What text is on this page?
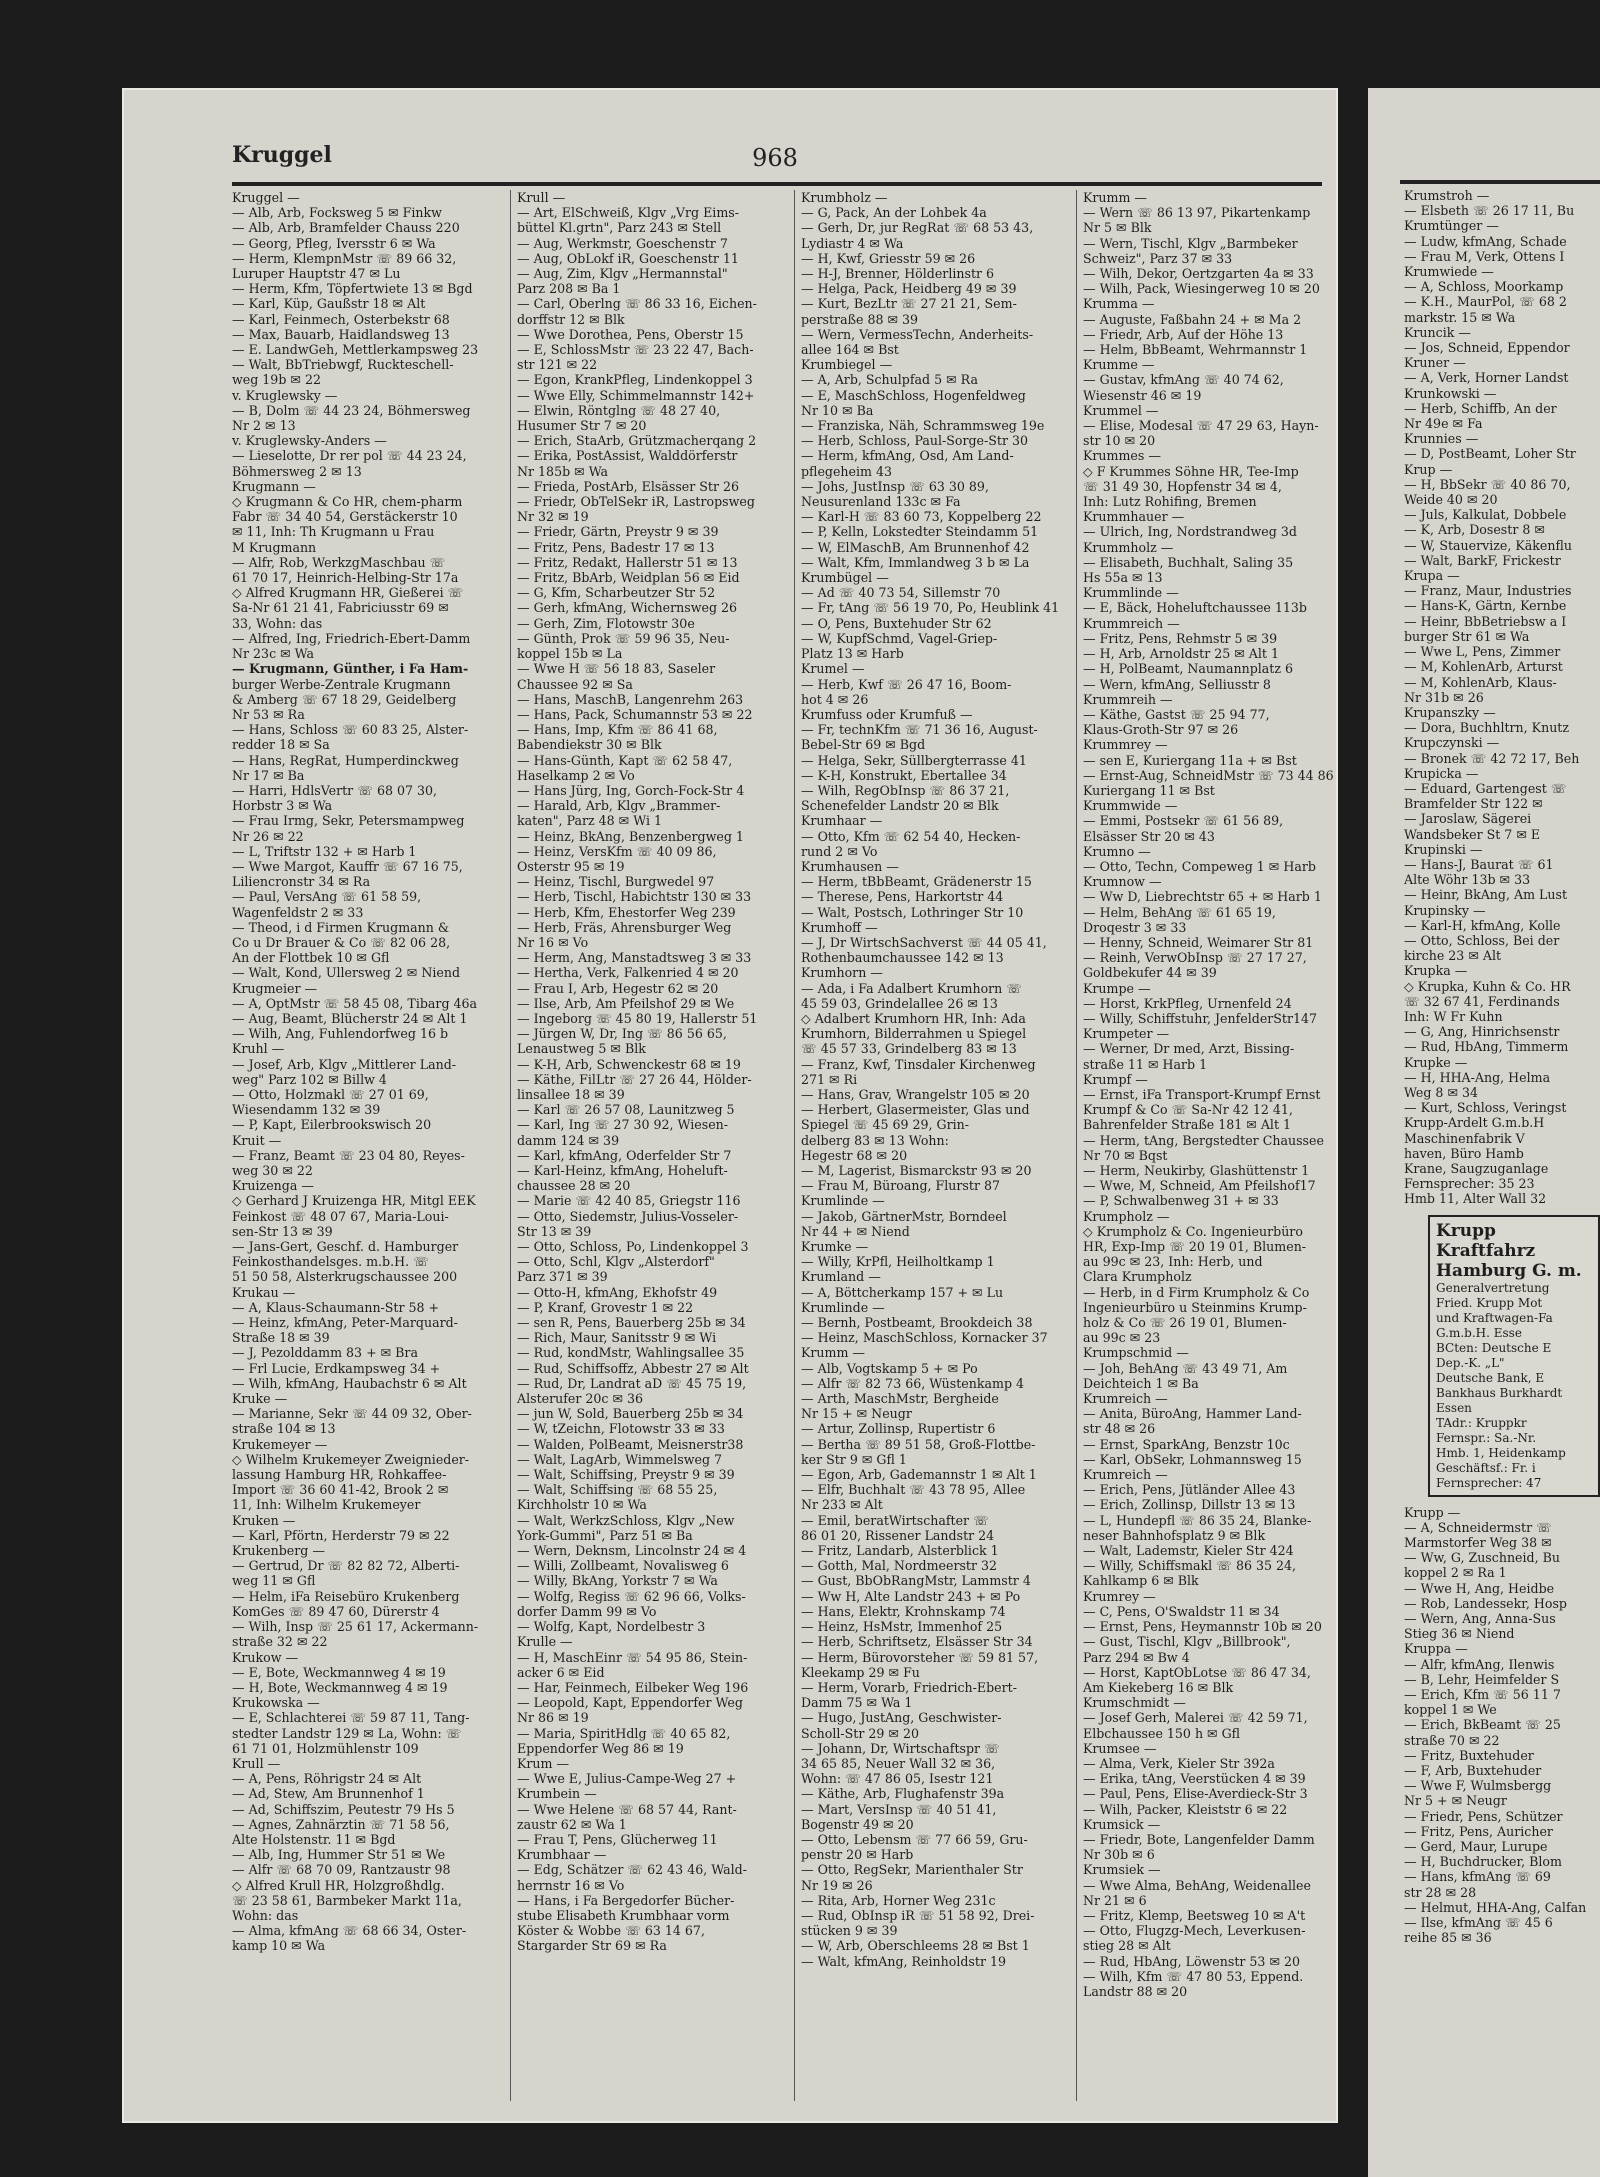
Kruggel	968
Kruggel —
— Alb, Arb, Focksweg 5 ✉ Finkw
— Alb, Arb, Bramfelder Chauss 220
— Georg, Pfleg, Iversstr 6 ✉ Wa
— Herm, KlempnMstr ☏ 89 66 32,
Luruper Hauptstr 47 ✉ Lu
— Herm, Kfm, Töpfertwiete 13 ✉ Bgd
— Karl, Küp, Gaußstr 18 ✉ Alt
— Karl, Feinmech, Osterbekstr 68
— Max, Bauarb, Haidlandsweg 13
— E. LandwGeh, Mettlerkampsweg 23
— Walt, BbTriebwgf, Ruckteschell-
weg 19b ✉ 22
v. Kruglewsky —
— B, Dolm ☏ 44 23 24, Böhmersweg
Nr 2 ✉ 13
v. Kruglewsky-Anders —
— Lieselotte, Dr rer pol ☏ 44 23 24,
Böhmersweg 2 ✉ 13
Krugmann —
◇ Krugmann & Co HR, chem-pharm
Fabr ☏ 34 40 54, Gerstäckerstr 10
✉ 11, Inh: Th Krugmann u Frau
M Krugmann
— Alfr, Rob, WerkzgMaschbau ☏
61 70 17, Heinrich-Helbing-Str 17a
◇ Alfred Krugmann HR, Gießerei ☏
Sa-Nr 61 21 41, Fabriciusstr 69 ✉
33, Wohn: das
— Alfred, Ing, Friedrich-Ebert-Damm
Nr 23c ✉ Wa
— Krugmann, Günther, i Fa Ham-
burger Werbe-Zentrale Krugmann
& Amberg ☏ 67 18 29, Geidelberg
Nr 53 ✉ Ra
— Hans, Schloss ☏ 60 83 25, Alster-
redder 18 ✉ Sa
— Hans, RegRat, Humperdinckweg
Nr 17 ✉ Ba
— Harri, HdlsVertr ☏ 68 07 30,
Horbstr 3 ✉ Wa
— Frau Irmg, Sekr, Petersmampweg
Nr 26 ✉ 22
— L, Triftstr 132 + ✉ Harb 1
— Wwe Margot, Kauffr ☏ 67 16 75,
Liliencronstr 34 ✉ Ra
— Paul, VersAng ☏ 61 58 59,
Wagenfeldstr 2 ✉ 33
— Theod, i d Firmen Krugmann &
Co u Dr Brauer & Co ☏ 82 06 28,
An der Flottbek 10 ✉ Gfl
— Walt, Kond, Ullersweg 2 ✉ Niend
Krugmeier —
— A, OptMstr ☏ 58 45 08, Tibarg 46a
— Aug, Beamt, Blücherstr 24 ✉ Alt 1
— Wilh, Ang, Fuhlendorfweg 16 b
Kruhl —
— Josef, Arb, Klgv „Mittlerer Land-
weg" Parz 102 ✉ Billw 4
— Otto, Holzmakl ☏ 27 01 69,
Wiesendamm 132 ✉ 39
— P, Kapt, Eilerbrookswisch 20
Kruit —
— Franz, Beamt ☏ 23 04 80, Reyes-
weg 30 ✉ 22
Kruizenga —
◇ Gerhard J Kruizenga HR, Mitgl EEK
Feinkost ☏ 48 07 67, Maria-Loui-
sen-Str 13 ✉ 39
— Jans-Gert, Geschf. d. Hamburger
Feinkosthandelsges. m.b.H. ☏
51 50 58, Alsterkrugschaussee 200
Krukau —
— A, Klaus-Schaumann-Str 58 +
— Heinz, kfmAng, Peter-Marquard-
Straße 18 ✉ 39
— J, Pezolddamm 83 + ✉ Bra
— Frl Lucie, Erdkampsweg 34 +
— Wilh, kfmAng, Haubachstr 6 ✉ Alt
Kruke —
— Marianne, Sekr ☏ 44 09 32, Ober-
straße 104 ✉ 13
Krukemeyer —
◇ Wilhelm Krukemeyer Zweignieder-
lassung Hamburg HR, Rohkaffee-
Import ☏ 36 60 41-42, Brook 2 ✉
11, Inh: Wilhelm Krukemeyer
Kruken —
— Karl, Pförtn, Herderstr 79 ✉ 22
Krukenberg —
— Gertrud, Dr ☏ 82 82 72, Alberti-
weg 11 ✉ Gfl
— Helm, iFa Reisebüro Krukenberg
KomGes ☏ 89 47 60, Dürerstr 4
— Wilh, Insp ☏ 25 61 17, Ackermann-
straße 32 ✉ 22
Krukow —
— E, Bote, Weckmannweg 4 ✉ 19
— H, Bote, Weckmannweg 4 ✉ 19
Krukowska —
— E, Schlachterei ☏ 59 87 11, Tang-
stedter Landstr 129 ✉ La, Wohn: ☏
61 71 01, Holzmühlenstr 109
Krull —
— A, Pens, Röhrigstr 24 ✉ Alt
— Ad, Stew, Am Brunnenhof 1
— Ad, Schiffszim, Peutestr 79 Hs 5
— Agnes, Zahnärztin ☏ 71 58 56,
Alte Holstenstr. 11 ✉ Bgd
— Alb, Ing, Hummer Str 51 ✉ We
— Alfr ☏ 68 70 09, Rantzaustr 98
◇ Alfred Krull HR, Holzgroßhdlg.
☏ 23 58 61, Barmbeker Markt 11a,
Wohn: das
— Alma, kfmAng ☏ 68 66 34, Oster-
kamp 10 ✉ Wa
Krull —
— Art, ElSchweiß, Klgv „Vrg Eims-
büttel Kl.grtn", Parz 243 ✉ Stell
— Aug, Werkmstr, Goeschenstr 7
— Aug, ObLokf iR, Goeschenstr 11
— Aug, Zim, Klgv „Hermannstal"
Parz 208 ✉ Ba 1
— Carl, Oberlng ☏ 86 33 16, Eichen-
dorffstr 12 ✉ Blk
— Wwe Dorothea, Pens, Oberstr 15
— E, SchlossMstr ☏ 23 22 47, Bach-
str 121 ✉ 22
— Egon, KrankPfleg, Lindenkoppel 3
— Wwe Elly, Schimmelmannstr 142+
— Elwin, Röntglng ☏ 48 27 40,
Husumer Str 7 ✉ 20
— Erich, StaArb, Grützmacherqang 2
— Erika, PostAssist, Walddörferstr
Nr 185b ✉ Wa
— Frieda, PostArb, Elsässer Str 26
— Friedr, ObTelSekr iR, Lastropsweg
Nr 32 ✉ 19
— Friedr, Gärtn, Preystr 9 ✉ 39
— Fritz, Pens, Badestr 17 ✉ 13
— Fritz, Redakt, Hallerstr 51 ✉ 13
— Fritz, BbArb, Weidplan 56 ✉ Eid
— G, Kfm, Scharbeutzer Str 52
— Gerh, kfmAng, Wichernsweg 26
— Gerh, Zim, Flotowstr 30e
— Günth, Prok ☏ 59 96 35, Neu-
koppel 15b ✉ La
— Wwe H ☏ 56 18 83, Saseler
Chaussee 92 ✉ Sa
— Hans, MaschB, Langenrehm 263
— Hans, Pack, Schumannstr 53 ✉ 22
— Hans, Imp, Kfm ☏ 86 41 68,
Babendiekstr 30 ✉ Blk
— Hans-Günth, Kapt ☏ 62 58 47,
Haselkamp 2 ✉ Vo
— Hans Jürg, Ing, Gorch-Fock-Str 4
— Harald, Arb, Klgv „Brammer-
katen", Parz 48 ✉ Wi 1
— Heinz, BkAng, Benzenbergweg 1
— Heinz, VersKfm ☏ 40 09 86,
Osterstr 95 ✉ 19
— Heinz, Tischl, Burgwedel 97
— Herb, Tischl, Habichtstr 130 ✉ 33
— Herb, Kfm, Ehestorfer Weg 239
— Herb, Fräs, Ahrensburger Weg
Nr 16 ✉ Vo
— Herm, Ang, Manstadtsweg 3 ✉ 33
— Hertha, Verk, Falkenried 4 ✉ 20
— Frau I, Arb, Hegestr 62 ✉ 20
— Ilse, Arb, Am Pfeilshof 29 ✉ We
— Ingeborg ☏ 45 80 19, Hallerstr 51
— Jürgen W, Dr, Ing ☏ 86 56 65,
Lenaustweg 5 ✉ Blk
— K-H, Arb, Schwenckestr 68 ✉ 19
— Käthe, FilLtr ☏ 27 26 44, Hölder-
linsallee 18 ✉ 39
— Karl ☏ 26 57 08, Launitzweg 5
— Karl, Ing ☏ 27 30 92, Wiesen-
damm 124 ✉ 39
— Karl, kfmAng, Oderfelder Str 7
— Karl-Heinz, kfmAng, Hoheluft-
chaussee 28 ✉ 20
— Marie ☏ 42 40 85, Griegstr 116
— Otto, Siedemstr, Julius-Vosseler-
Str 13 ✉ 39
— Otto, Schloss, Po, Lindenkoppel 3
— Otto, Schl, Klgv „Alsterdorf"
Parz 371 ✉ 39
— Otto-H, kfmAng, Ekhofstr 49
— P, Kranf, Grovestr 1 ✉ 22
— sen R, Pens, Bauerberg 25b ✉ 34
— Rich, Maur, Sanitsstr 9 ✉ Wi
— Rud, kondMstr, Wahlingsallee 35
— Rud, Schiffsoffz, Abbestr 27 ✉ Alt
— Rud, Dr, Landrat aD ☏ 45 75 19,
Alsterufer 20c ✉ 36
— jun W, Sold, Bauerberg 25b ✉ 34
— W, tZeichn, Flotowstr 33 ✉ 33
— Walden, PolBeamt, Meisnerstr38
— Walt, LagArb, Wimmelsweg 7
— Walt, Schiffsing, Preystr 9 ✉ 39
— Walt, Schiffsing ☏ 68 55 25,
Kirchholstr 10 ✉ Wa
— Walt, WerkzSchloss, Klgv „New
York-Gummi", Parz 51 ✉ Ba
— Wern, Deknsm, Lincolnstr 24 ✉ 4
— Willi, Zollbeamt, Novalisweg 6
— Willy, BkAng, Yorkstr 7 ✉ Wa
— Wolfg, Regiss ☏ 62 96 66, Volks-
dorfer Damm 99 ✉ Vo
— Wolfg, Kapt, Nordelbestr 3
Krulle —
— H, MaschEinr ☏ 54 95 86, Stein-
acker 6 ✉ Eid
— Har, Feinmech, Eilbeker Weg 196
— Leopold, Kapt, Eppendorfer Weg
Nr 86 ✉ 19
— Maria, SpiritHdlg ☏ 40 65 82,
Eppendorfer Weg 86 ✉ 19
Krum —
— Wwe E, Julius-Campe-Weg 27 +
Krumbein —
— Wwe Helene ☏ 68 57 44, Rant-
zaustr 62 ✉ Wa 1
— Frau T, Pens, Glücherweg 11
Krumbhaar —
— Edg, Schätzer ☏ 62 43 46, Wald-
herrnstr 16 ✉ Vo
— Hans, i Fa Bergedorfer Bücher-
stube Elisabeth Krumbhaar vorm
Köster & Wobbe ☏ 63 14 67,
Stargarder Str 69 ✉ Ra
Krumbholz —
— G, Pack, An der Lohbek 4a
— Gerh, Dr, jur RegRat ☏ 68 53 43,
Lydiastr 4 ✉ Wa
— H, Kwf, Griesstr 59 ✉ 26
— H-J, Brenner, Hölderlinstr 6
— Helga, Pack, Heidberg 49 ✉ 39
— Kurt, BezLtr ☏ 27 21 21, Sem-
perstraße 88 ✉ 39
— Wern, VermessTechn, Anderheits-
allee 164 ✉ Bst
Krumbiegel —
— A, Arb, Schulpfad 5 ✉ Ra
— E, MaschSchloss, Hogenfeldweg
Nr 10 ✉ Ba
— Franziska, Näh, Schrammsweg 19e
— Herb, Schloss, Paul-Sorge-Str 30
— Herm, kfmAng, Osd, Am Land-
pflegeheim 43
— Johs, JustInsp ☏ 63 30 89,
Neusurenland 133c ✉ Fa
— Karl-H ☏ 83 60 73, Koppelberg 22
— P, Kelln, Lokstedter Steindamm 51
— W, ElMaschB, Am Brunnenhof 42
— Walt, Kfm, Immlandweg 3 b ✉ La
Krumbügel —
— Ad ☏ 40 73 54, Sillemstr 70
— Fr, tAng ☏ 56 19 70, Po, Heublink 41
— O, Pens, Buxtehuder Str 62
— W, KupfSchmd, Vagel-Griep-
Platz 13 ✉ Harb
Krumel —
— Herb, Kwf ☏ 26 47 16, Boom-
hot 4 ✉ 26
Krumfuss oder Krumfuß —
— Fr, technKfm ☏ 71 36 16, August-
Bebel-Str 69 ✉ Bgd
— Helga, Sekr, Süllbergterrasse 41
— K-H, Konstrukt, Ebertallee 34
— Wilh, RegObInsp ☏ 86 37 21,
Schenefelder Landstr 20 ✉ Blk
Krumhaar —
— Otto, Kfm ☏ 62 54 40, Hecken-
rund 2 ✉ Vo
Krumhausen —
— Herm, tBbBeamt, Grädenerstr 15
— Therese, Pens, Harkortstr 44
— Walt, Postsch, Lothringer Str 10
Krumhoff —
— J, Dr WirtschSachverst ☏ 44 05 41,
Rothenbaumchaussee 142 ✉ 13
Krumhorn —
— Ada, i Fa Adalbert Krumhorn ☏
45 59 03, Grindelallee 26 ✉ 13
◇ Adalbert Krumhorn HR, Inh: Ada
Krumhorn, Bilderrahmen u Spiegel
☏ 45 57 33, Grindelberg 83 ✉ 13
— Franz, Kwf, Tinsdaler Kirchenweg
271 ✉ Ri
— Hans, Grav, Wrangelstr 105 ✉ 20
— Herbert, Glasermeister, Glas und
Spiegel ☏ 45 69 29, Grin-
delberg 83 ✉ 13 Wohn:
Hegestr 68 ✉ 20
— M, Lagerist, Bismarckstr 93 ✉ 20
— Frau M, Büroang, Flurstr 87
Krumlinde —
— Jakob, GärtnerMstr, Borndeel
Nr 44 + ✉ Niend
Krumke —
— Willy, KrPfl, Heilholtkamp 1
Krumland —
— A, Böttcherkamp 157 + ✉ Lu
Krumlinde —
— Bernh, Postbeamt, Brookdeich 38
— Heinz, MaschSchloss, Kornacker 37
Krumm —
— Alb, Vogtskamp 5 + ✉ Po
— Alfr ☏ 82 73 66, Wüstenkamp 4
— Arth, MaschMstr, Bergheide
Nr 15 + ✉ Neugr
— Artur, Zollinsp, Rupertistr 6
— Bertha ☏ 89 51 58, Groß-Flottbe-
ker Str 9 ✉ Gfl 1
— Egon, Arb, Gademannstr 1 ✉ Alt 1
— Elfr, Buchhalt ☏ 43 78 95, Allee
Nr 233 ✉ Alt
— Emil, beratWirtschafter ☏
86 01 20, Rissener Landstr 24
— Fritz, Landarb, Alsterblick 1
— Gotth, Mal, Nordmeerstr 32
— Gust, BbObRangMstr, Lammstr 4
— Ww H, Alte Landstr 243 + ✉ Po
— Hans, Elektr, Krohnskamp 74
— Heinz, HsMstr, Immenhof 25
— Herb, Schriftsetz, Elsässer Str 34
— Herm, Bürovorsteher ☏ 59 81 57,
Kleekamp 29 ✉ Fu
— Herm, Vorarb, Friedrich-Ebert-
Damm 75 ✉ Wa 1
— Hugo, JustAng, Geschwister-
Scholl-Str 29 ✉ 20
— Johann, Dr, Wirtschaftspr ☏
34 65 85, Neuer Wall 32 ✉ 36,
Wohn: ☏ 47 86 05, Isestr 121
— Käthe, Arb, Flughafenstr 39a
— Mart, VersInsp ☏ 40 51 41,
Bogenstr 49 ✉ 20
— Otto, Lebensm ☏ 77 66 59, Gru-
penstr 20 ✉ Harb
— Otto, RegSekr, Marienthaler Str
Nr 19 ✉ 26
— Rita, Arb, Horner Weg 231c
— Rud, ObInsp iR ☏ 51 58 92, Drei-
stücken 9 ✉ 39
— W, Arb, Oberschleems 28 ✉ Bst 1
— Walt, kfmAng, Reinholdstr 19
Krumm —
— Wern ☏ 86 13 97, Pikartenkamp
Nr 5 ✉ Blk
— Wern, Tischl, Klgv „Barmbeker
Schweiz", Parz 37 ✉ 33
— Wilh, Dekor, Oertzgarten 4a ✉ 33
— Wilh, Pack, Wiesingerweg 10 ✉ 20
Krumma —
— Auguste, Faßbahn 24 + ✉ Ma 2
— Friedr, Arb, Auf der Höhe 13
— Helm, BbBeamt, Wehrmannstr 1
Krumme —
— Gustav, kfmAng ☏ 40 74 62,
Wiesenstr 46 ✉ 19
Krummel —
— Elise, Modesal ☏ 47 29 63, Hayn-
str 10 ✉ 20
Krummes —
◇ F Krummes Söhne HR, Tee-Imp
☏ 31 49 30, Hopfenstr 34 ✉ 4,
Inh: Lutz Rohifing, Bremen
Krummhauer —
— Ulrich, Ing, Nordstrandweg 3d
Krummholz —
— Elisabeth, Buchhalt, Saling 35
Hs 55a ✉ 13
Krummlinde —
— E, Bäck, Hoheluftchaussee 113b
Krummreich —
— Fritz, Pens, Rehmstr 5 ✉ 39
— H, Arb, Arnoldstr 25 ✉ Alt 1
— H, PolBeamt, Naumannplatz 6
— Wern, kfmAng, Selliusstr 8
Krummreih —
— Käthe, Gastst ☏ 25 94 77,
Klaus-Groth-Str 97 ✉ 26
Krummrey —
— sen E, Kuriergang 11a + ✉ Bst
— Ernst-Aug, SchneidMstr ☏ 73 44 86
Kuriergang 11 ✉ Bst
Krummwide —
— Emmi, Postsekr ☏ 61 56 89,
Elsässer Str 20 ✉ 43
Krumno —
— Otto, Techn, Compeweg 1 ✉ Harb
Krumnow —
— Ww D, Liebrechtstr 65 + ✉ Harb 1
— Helm, BehAng ☏ 61 65 19,
Droqestr 3 ✉ 33
— Henny, Schneid, Weimarer Str 81
— Reinh, VerwObInsp ☏ 27 17 27,
Goldbekufer 44 ✉ 39
Krumpe —
— Horst, KrkPfleg, Urnenfeld 24
— Willy, Schiffstuhr, JenfelderStr147
Krumpeter —
— Werner, Dr med, Arzt, Bissing-
straße 11 ✉ Harb 1
Krumpf —
— Ernst, iFa Transport-Krumpf Ernst
Krumpf & Co ☏ Sa-Nr 42 12 41,
Bahrenfelder Straße 181 ✉ Alt 1
— Herm, tAng, Bergstedter Chaussee
Nr 70 ✉ Bqst
— Herm, Neukirby, Glashüttenstr 1
— Wwe, M, Schneid, Am Pfeilshof17
— P, Schwalbenweg 31 + ✉ 33
Krumpholz —
◇ Krumpholz & Co. Ingenieurbüro
HR, Exp-Imp ☏ 20 19 01, Blumen-
au 99c ✉ 23, Inh: Herb, und
Clara Krumpholz
— Herb, in d Firm Krumpholz & Co
Ingenieurbüro u Steinmins Krump-
holz & Co ☏ 26 19 01, Blumen-
au 99c ✉ 23
Krumpschmid —
— Joh, BehAng ☏ 43 49 71, Am
Deichteich 1 ✉ Ba
Krumreich —
— Anita, BüroAng, Hammer Land-
str 48 ✉ 26
— Ernst, SparkAng, Benzstr 10c
— Karl, ObSekr, Lohmannsweg 15
Krumreich —
— Erich, Pens, Jütländer Allee 43
— Erich, Zollinsp, Dillstr 13 ✉ 13
— L, Hundepfl ☏ 86 35 24, Blanke-
neser Bahnhofsplatz 9 ✉ Blk
— Walt, Lademstr, Kieler Str 424
— Willy, Schiffsmakl ☏ 86 35 24,
Kahlkamp 6 ✉ Blk
Krumrey —
— C, Pens, O'Swaldstr 11 ✉ 34
— Ernst, Pens, Heymannstr 10b ✉ 20
— Gust, Tischl, Klgv „Billbrook",
Parz 294 ✉ Bw 4
— Horst, KaptObLotse ☏ 86 47 34,
Am Kiekeberg 16 ✉ Blk
Krumschmidt —
— Josef Gerh, Malerei ☏ 42 59 71,
Elbchaussee 150 h ✉ Gfl
Krumsee —
— Alma, Verk, Kieler Str 392a
— Erika, tAng, Veerstücken 4 ✉ 39
— Paul, Pens, Elise-Averdieck-Str 3
— Wilh, Packer, Kleiststr 6 ✉ 22
Krumsick —
— Friedr, Bote, Langenfelder Damm
Nr 30b ✉ 6
Krumsiek —
— Wwe Alma, BehAng, Weidenallee
Nr 21 ✉ 6
— Fritz, Klemp, Beetsweg 10 ✉ A't
— Otto, Flugzg-Mech, Leverkusen-
stieg 28 ✉ Alt
— Rud, HbAng, Löwenstr 53 ✉ 20
— Wilh, Kfm ☏ 47 80 53, Eppend.
Landstr 88 ✉ 20
Krumstroh —
— Elsbeth ☏ 26 17 11, Bu
Krumtünger —
— Ludw, kfmAng, Schade
— Frau M, Verk, Ottens I
Krumwiede —
— A, Schloss, Moorkamp
— K.H., MaurPol, ☏ 68 2
markstr. 15 ✉ Wa
Kruncik —
— Jos, Schneid, Eppendor
Kruner —
— A, Verk, Horner Landst
Krunkowski —
— Herb, Schiffb, An der
Nr 49e ✉ Fa
Krunnies —
— D, PostBeamt, Loher Str
Krup —
— H, BbSekr ☏ 40 86 70,
Weide 40 ✉ 20
— Juls, Kalkulat, Dobbele
— K, Arb, Dosestr 8 ✉
— W, Stauervize, Käkenflu
— Walt, BarkF, Frickestr
Krupa —
— Franz, Maur, Industries
— Hans-K, Gärtn, Kernbe
— Heinr, BbBetriebsw a I
burger Str 61 ✉ Wa
— Wwe L, Pens, Zimmer
— M, KohlenArb, Arturst
— M, KohlenArb, Klaus-
Nr 31b ✉ 26
Krupanszky —
— Dora, Buchhltrn, Knutz
Krupczynski —
— Bronek ☏ 42 72 17, Beh
Krupicka —
— Eduard, Gartengest ☏
Bramfelder Str 122 ✉
— Jaroslaw, Sägerei
Wandsbeker St 7 ✉ E
Krupinski —
— Hans-J, Baurat ☏ 61
Alte Wöhr 13b ✉ 33
— Heinr, BkAng, Am Lust
Krupinsky —
— Karl-H, kfmAng, Kolle
— Otto, Schloss, Bei der
kirche 23 ✉ Alt
Krupka —
◇ Krupka, Kuhn & Co. HR
☏ 32 67 41, Ferdinands
Inh: W Fr Kuhn
— G, Ang, Hinrichsenstr
— Rud, HbAng, Timmerm
Krupke —
— H, HHA-Ang, Helma
Weg 8 ✉ 34
— Kurt, Schloss, Veringst
Krupp-Ardelt G.m.b.H
Maschinenfabrik V
haven, Büro Hamb
Krane, Saugzuganlage
Fernsprecher: 35 23
Hmb 11, Alter Wall 32
Krupp Kraftfahrz
Hamburg G. m.
Generalvertretung
Fried. Krupp Mot
und Kraftwagen-Fa
G.m.b.H. Esse
BCten: Deutsche E
Dep.-K. „L"
Deutsche Bank, E
Bankhaus Burkhardt
Essen
TAdr.: Kruppkr
Fernspr.: Sa.-Nr.
Hmb. 1, Heidenkamp
Geschäftsf.: Fr. i
Fernsprecher: 47
Krupp —
— A, Schneidermstr ☏
Marmstorfer Weg 38 ✉
— Ww, G, Zuschneid, Bu
koppel 2 ✉ Ra 1
— Wwe H, Ang, Heidbe
— Rob, Landessekr, Hosp
— Wern, Ang, Anna-Sus
Stieg 36 ✉ Niend
Kruppa —
— Alfr, kfmAng, Ilenwis
— B, Lehr, Heimfelder S
— Erich, Kfm ☏ 56 11 7
koppel 1 ✉ We
— Erich, BkBeamt ☏ 25
straße 70 ✉ 22
— Fritz, Buxtehuder
— F, Arb, Buxtehuder
— Wwe F, Wulmsbergg
Nr 5 + ✉ Neugr
— Friedr, Pens, Schützer
— Fritz, Pens, Auricher
— Gerd, Maur, Lurupe
— H, Buchdrucker, Blom
— Hans, kfmAng ☏ 69
str 28 ✉ 28
— Helmut, HHA-Ang, Calfan
— Ilse, kfmAng ☏ 45 6
reihe 85 ✉ 36
